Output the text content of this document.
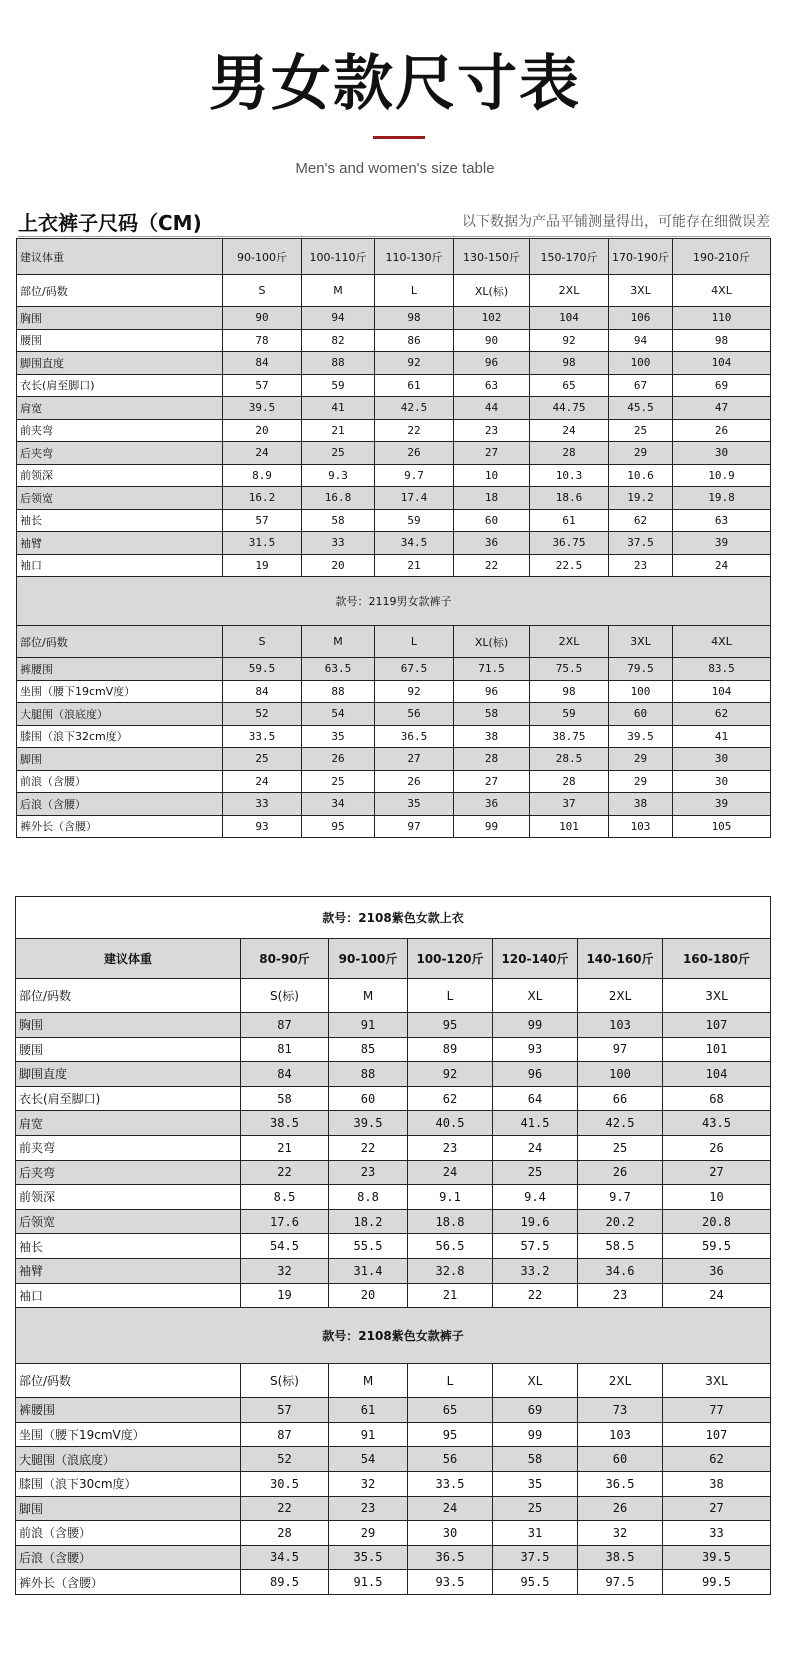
男女款尺寸表
Men's and women's size table
上衣裤子尺码（CM)	以下数据为产品平铺测量得出，可能存在细微误差
建议体重	90-100斤	100-110斤	110-130斤	130-150斤	150-170斤	170-190斤	190-210斤
部位/码数	S	M	L	XL(标)	2XL	3XL	4XL
胸围	90	94	98	102	104	106	110
腰围	78	82	86	90	92	94	98
脚围直度	84	88	92	96	98	100	104
衣长(肩至脚口)	57	59	61	63	65	67	69
肩宽	39.5	41	42.5	44	44.75	45.5	47
前夹弯	20	21	22	23	24	25	26
后夹弯	24	25	26	27	28	29	30
前领深	8.9	9.3	9.7	10	10.3	10.6	10.9
后领宽	16.2	16.8	17.4	18	18.6	19.2	19.8
袖长	57	58	59	60	61	62	63
袖臂	31.5	33	34.5	36	36.75	37.5	39
袖口	19	20	21	22	22.5	23	24
款号：2119男女款裤子							
部位/码数	S	M	L	XL(标)	2XL	3XL	4XL
裤腰围	59.5	63.5	67.5	71.5	75.5	79.5	83.5
坐围（腰下19cmV度）	84	88	92	96	98	100	104
大腿围（浪底度）	52	54	56	58	59	60	62
膝围（浪下32cm度）	33.5	35	36.5	38	38.75	39.5	41
脚围	25	26	27	28	28.5	29	30
前浪（含腰）	24	25	26	27	28	29	30
后浪（含腰）	33	34	35	36	37	38	39
裤外长（含腰）	93	95	97	99	101	103	105
款号：2108紫色女款上衣						
建议体重	80-90斤	90-100斤	100-120斤	120-140斤	140-160斤	160-180斤
部位/码数	S(标)	M	L	XL	2XL	3XL
胸围	87	91	95	99	103	107
腰围	81	85	89	93	97	101
脚围直度	84	88	92	96	100	104
衣长(肩至脚口)	58	60	62	64	66	68
肩宽	38.5	39.5	40.5	41.5	42.5	43.5
前夹弯	21	22	23	24	25	26
后夹弯	22	23	24	25	26	27
前领深	8.5	8.8	9.1	9.4	9.7	10
后领宽	17.6	18.2	18.8	19.6	20.2	20.8
袖长	54.5	55.5	56.5	57.5	58.5	59.5
袖臂	32	31.4	32.8	33.2	34.6	36
袖口	19	20	21	22	23	24
款号：2108紫色女款裤子						
部位/码数	S(标)	M	L	XL	2XL	3XL
裤腰围	57	61	65	69	73	77
坐围（腰下19cmV度）	87	91	95	99	103	107
大腿围（浪底度）	52	54	56	58	60	62
膝围（浪下30cm度）	30.5	32	33.5	35	36.5	38
脚围	22	23	24	25	26	27
前浪（含腰）	28	29	30	31	32	33
后浪（含腰）	34.5	35.5	36.5	37.5	38.5	39.5
裤外长（含腰）	89.5	91.5	93.5	95.5	97.5	99.5
